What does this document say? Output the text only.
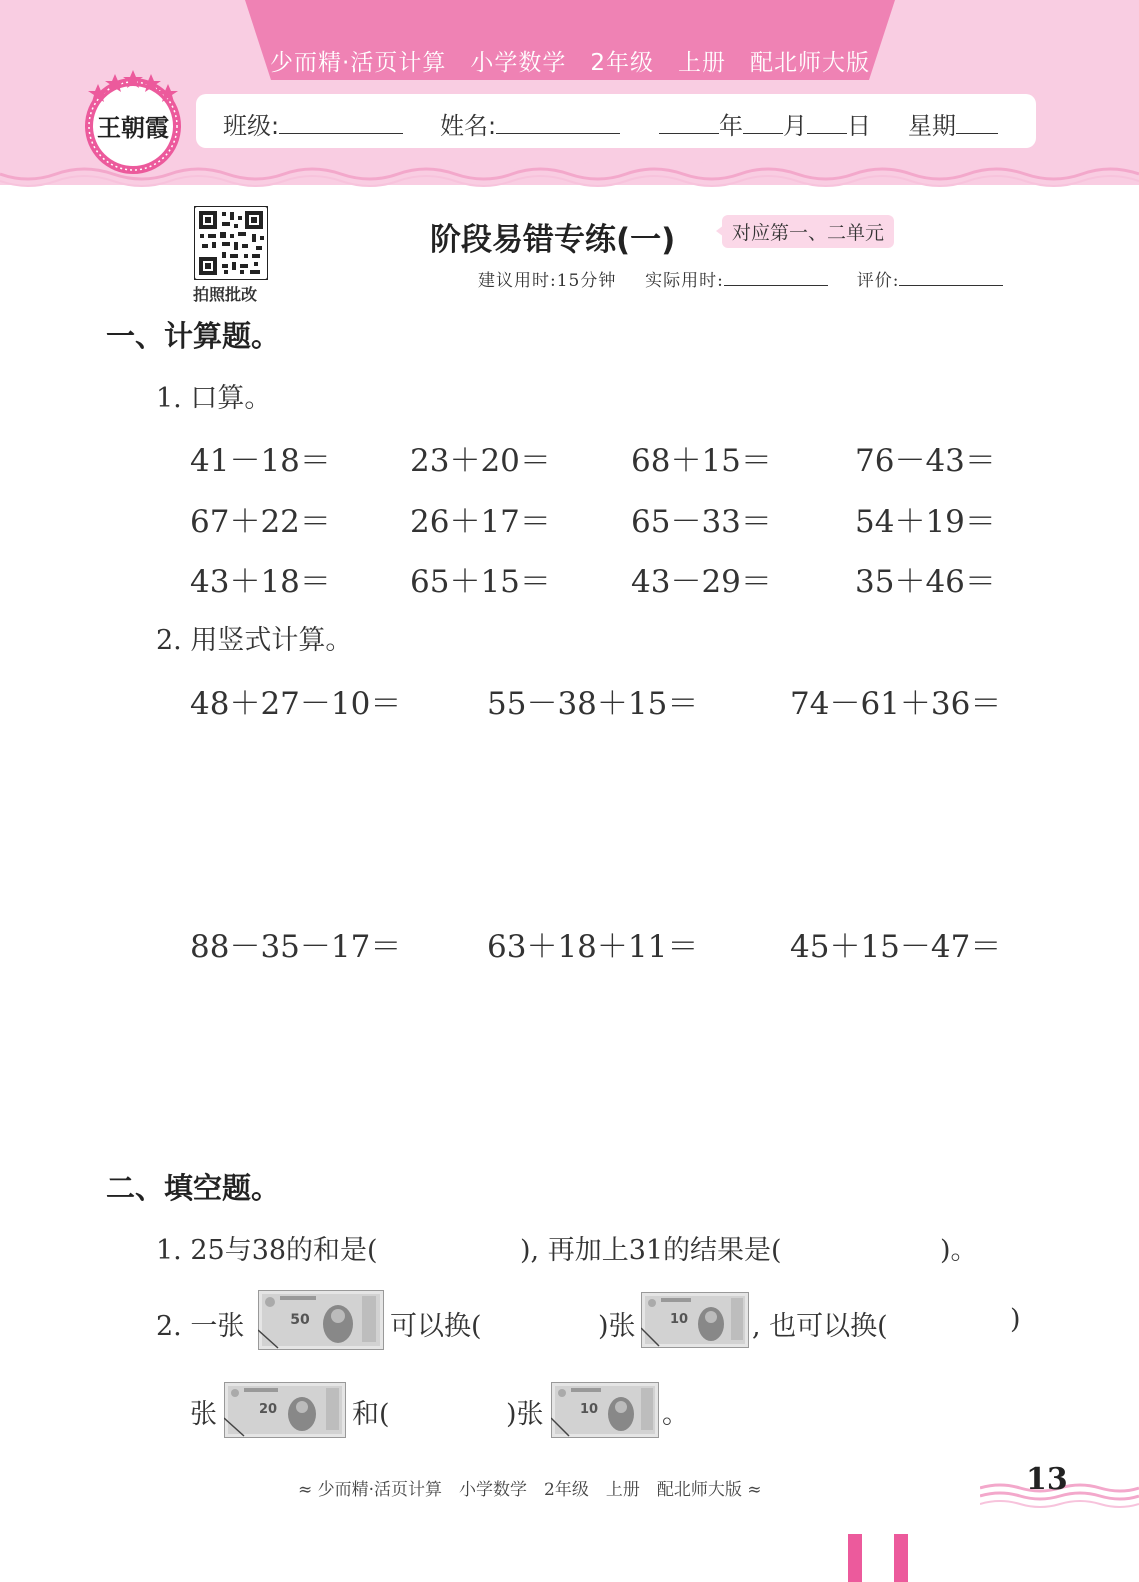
少而精·活页计算　小学数学　2年级　上册　配北师大版
班级:	姓名:	年 月 日 星期
王朝霞
拍照批改
阶段易错专练(一)	对应第一、二单元
建议用时:15分钟 实际用时:	评价:
一、计算题。
1. 口算。
41－18＝	23＋20＝	68＋15＝	76－43＝
67＋22＝	26＋17＝	65－33＝	54＋19＝
43＋18＝	65＋15＝	43－29＝	35＋46＝
2. 用竖式计算。
48＋27－10＝	55－38＋15＝	74－61＋36＝
88－35－17＝	63＋18＋11＝	45＋15－47＝
二、填空题。
1. 25与38的和是(	), 再加上31的结果是(	)。
2. 一张	50	可以换(	)张	10 , 也可以换(	)
张	20	和(	)张	10 。
≈ 少而精·活页计算　小学数学　2年级　上册　配北师大版 ≈	13
